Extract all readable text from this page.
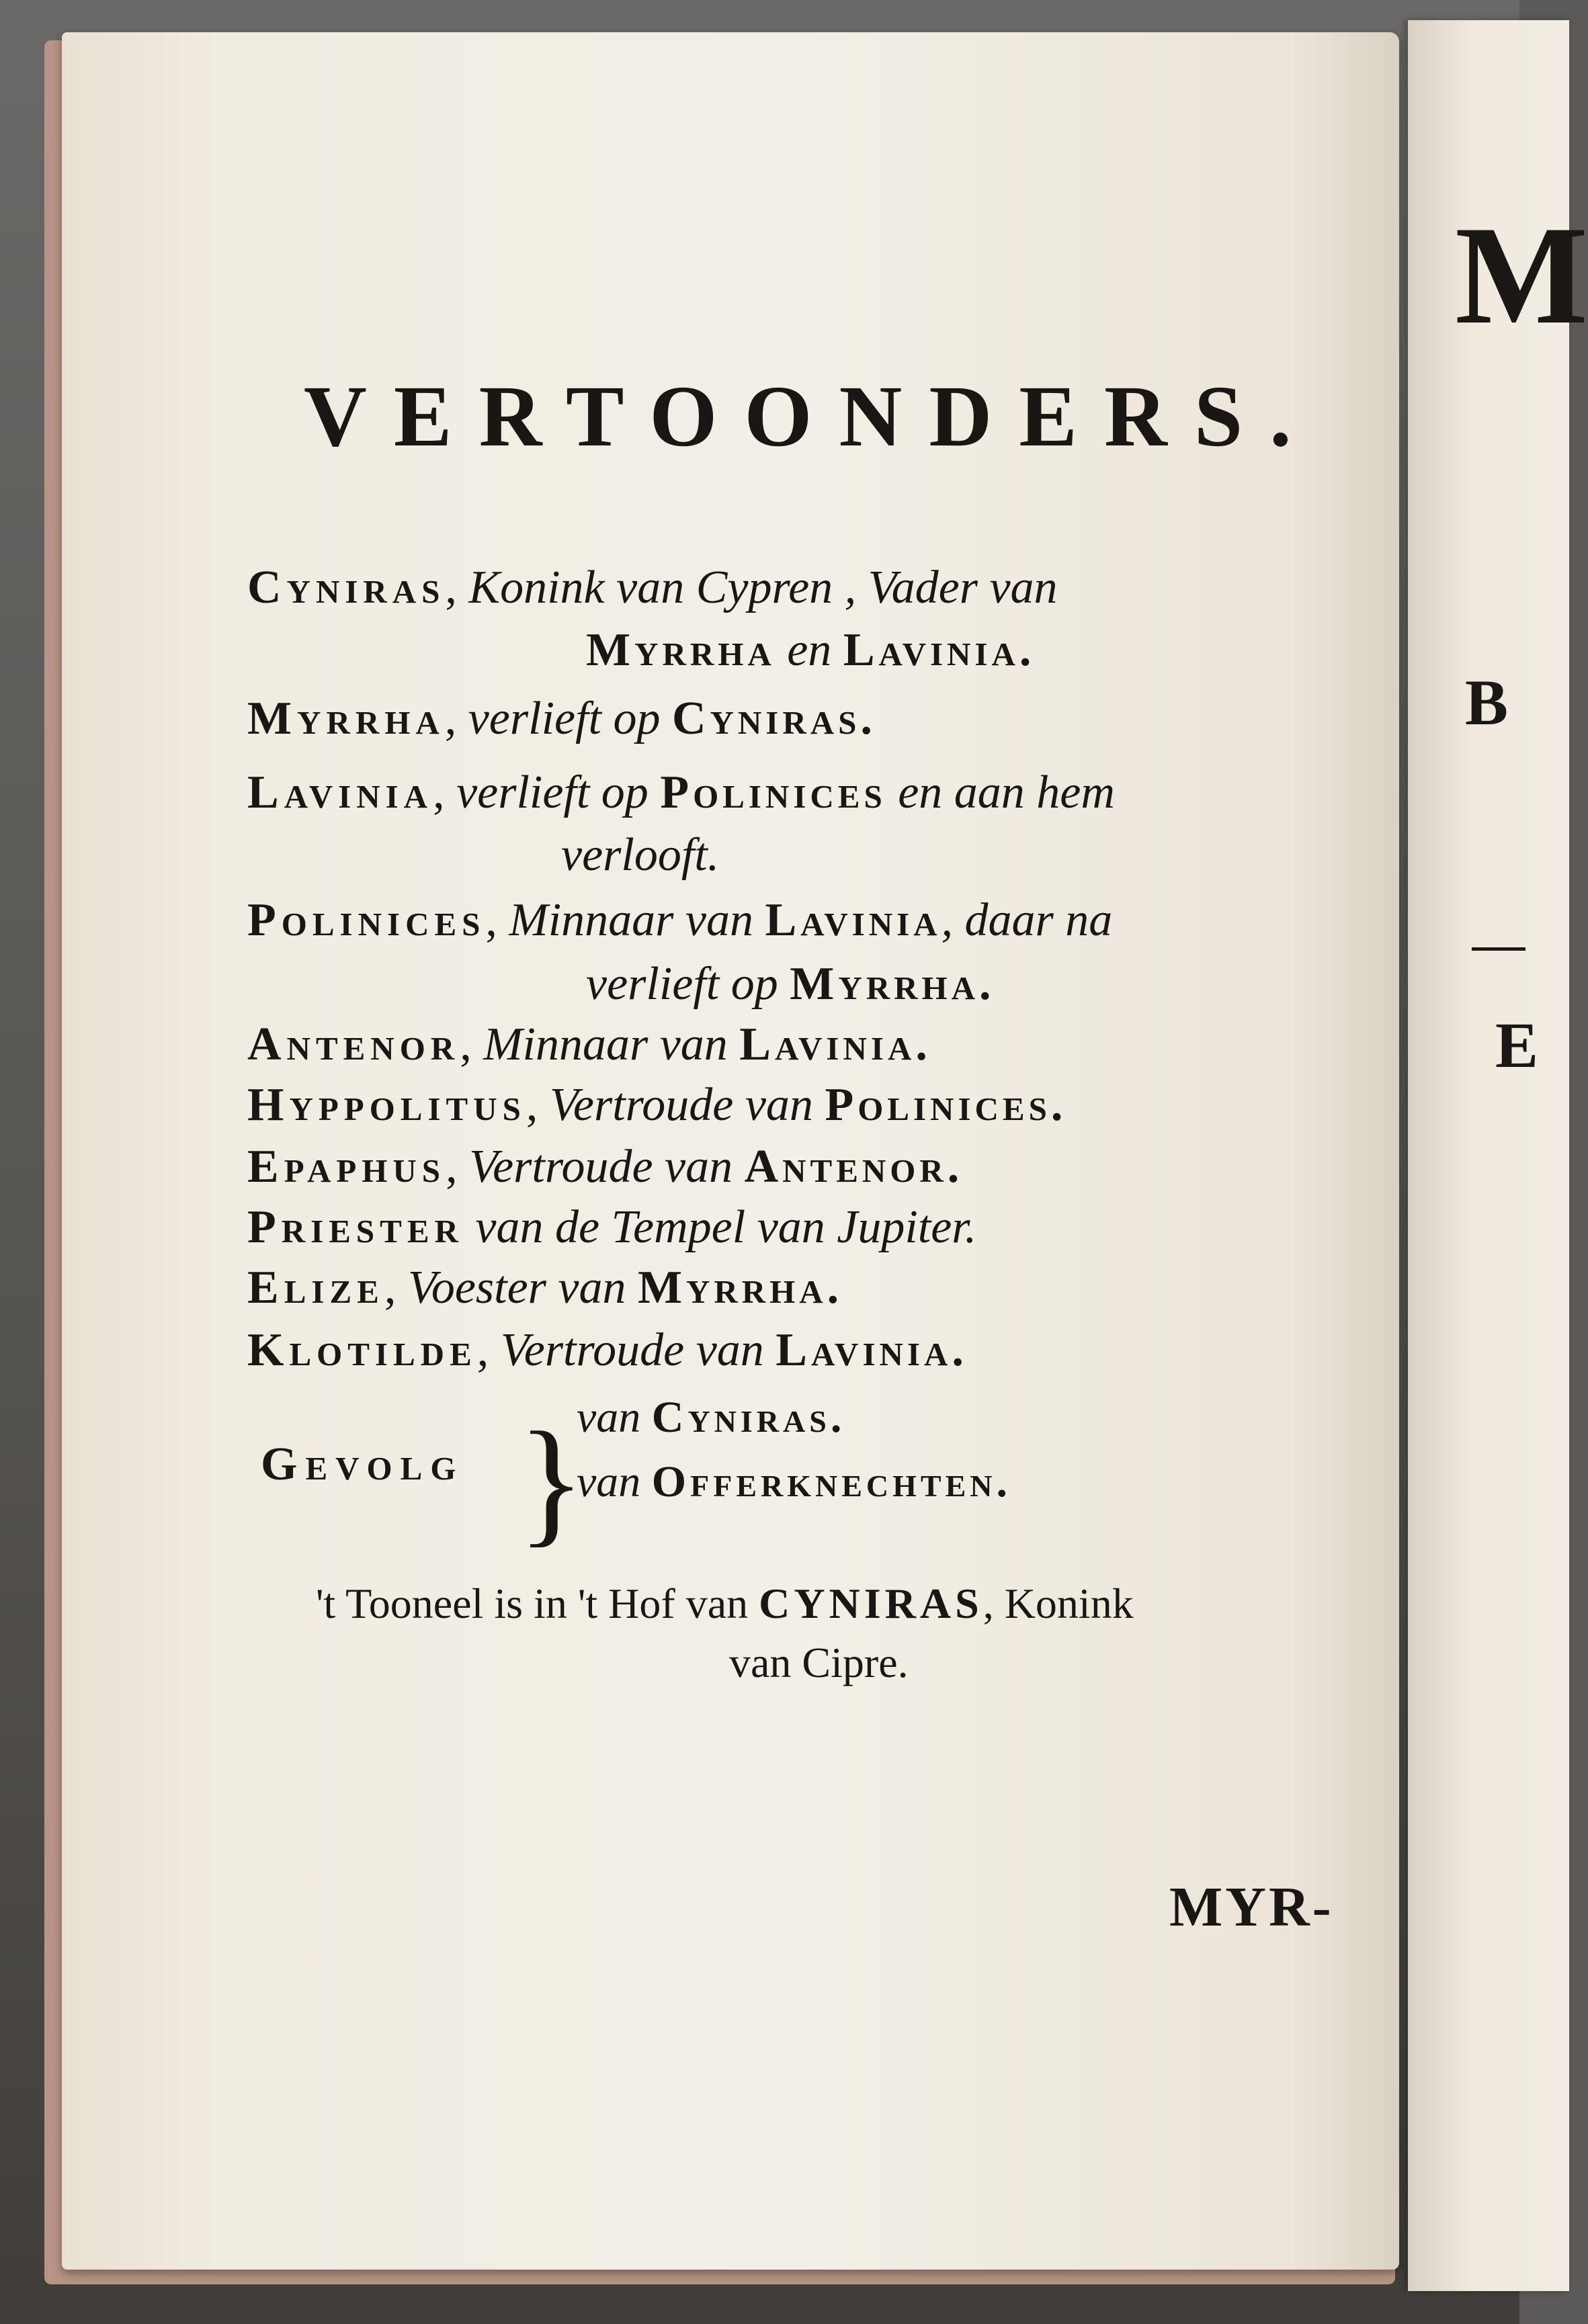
M
B
E
VERTOONDERS.
Cyniras, Konink van Cypren , Vader van
Myrrha en Lavinia.
Myrrha, verlieft op Cyniras.
Lavinia, verlieft op Polinices en aan hem
verlooft.
Polinices, Minnaar van Lavinia, daar na
verlieft op Myrrha.
Antenor, Minnaar van Lavinia.
Hyppolitus, Vertroude van Polinices.
Epaphus, Vertroude van Antenor.
Priester van de Tempel van Jupiter.
Elize, Voester van Myrrha.
Klotilde, Vertroude van Lavinia.
Gevolg }
van Cyniras.
van Offerknechten.
't Tooneel is in 't Hof van CYNIRAS, Konink
van Cipre.
MYR-
